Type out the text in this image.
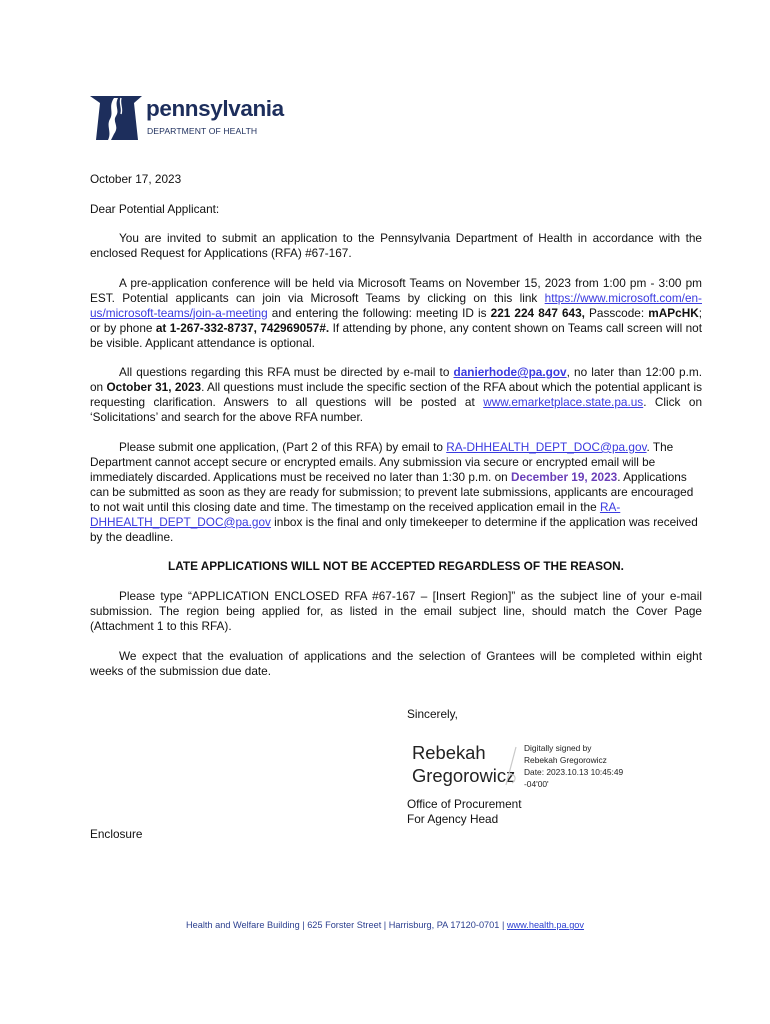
pennsylvania
DEPARTMENT OF HEALTH

October 17, 2023

Dear Potential Applicant:

You are invited to submit an application to the Pennsylvania Department of Health in accordance with the enclosed Request for Applications (RFA) #67-167.

A pre-application conference will be held via Microsoft Teams on November 15, 2023 from 1:00 pm - 3:00 pm EST. Potential applicants can join via Microsoft Teams by clicking on this link https://www.microsoft.com/en-us/microsoft-teams/join-a-meeting and entering the following: meeting ID is 221 224 847 643, Passcode: mAPcHK; or by phone at 1-267-332-8737, 742969057#. If attending by phone, any content shown on Teams call screen will not be visible. Applicant attendance is optional.

All questions regarding this RFA must be directed by e-mail to danierhode@pa.gov, no later than 12:00 p.m. on October 31, 2023. All questions must include the specific section of the RFA about which the potential applicant is requesting clarification. Answers to all questions will be posted at www.emarketplace.state.pa.us. Click on ‘Solicitations’ and search for the above RFA number.

Please submit one application, (Part 2 of this RFA) by email to RA-DHHEALTH_DEPT_DOC@pa.gov. The Department cannot accept secure or encrypted emails. Any submission via secure or encrypted email will be immediately discarded. Applications must be received no later than 1:30 p.m. on December 19, 2023. Applications can be submitted as soon as they are ready for submission; to prevent late submissions, applicants are encouraged to not wait until this closing date and time. The timestamp on the received application email in the RA-DHHEALTH_DEPT_DOC@pa.gov inbox is the final and only timekeeper to determine if the application was received by the deadline.

LATE APPLICATIONS WILL NOT BE ACCEPTED REGARDLESS OF THE REASON.

Please type “APPLICATION ENCLOSED RFA #67-167 – [Insert Region]” as the subject line of your e-mail submission. The region being applied for, as listed in the email subject line, should match the Cover Page (Attachment 1 to this RFA).

We expect that the evaluation of applications and the selection of Grantees will be completed within eight weeks of the submission due date.

Sincerely,
Rebekah
Gregorowicz
Digitally signed by
Rebekah Gregorowicz
Date: 2023.10.13 10:45:49
-04'00'
Office of Procurement
For Agency Head
Enclosure
Health and Welfare Building | 625 Forster Street | Harrisburg, PA 17120-0701 | www.health.pa.gov
